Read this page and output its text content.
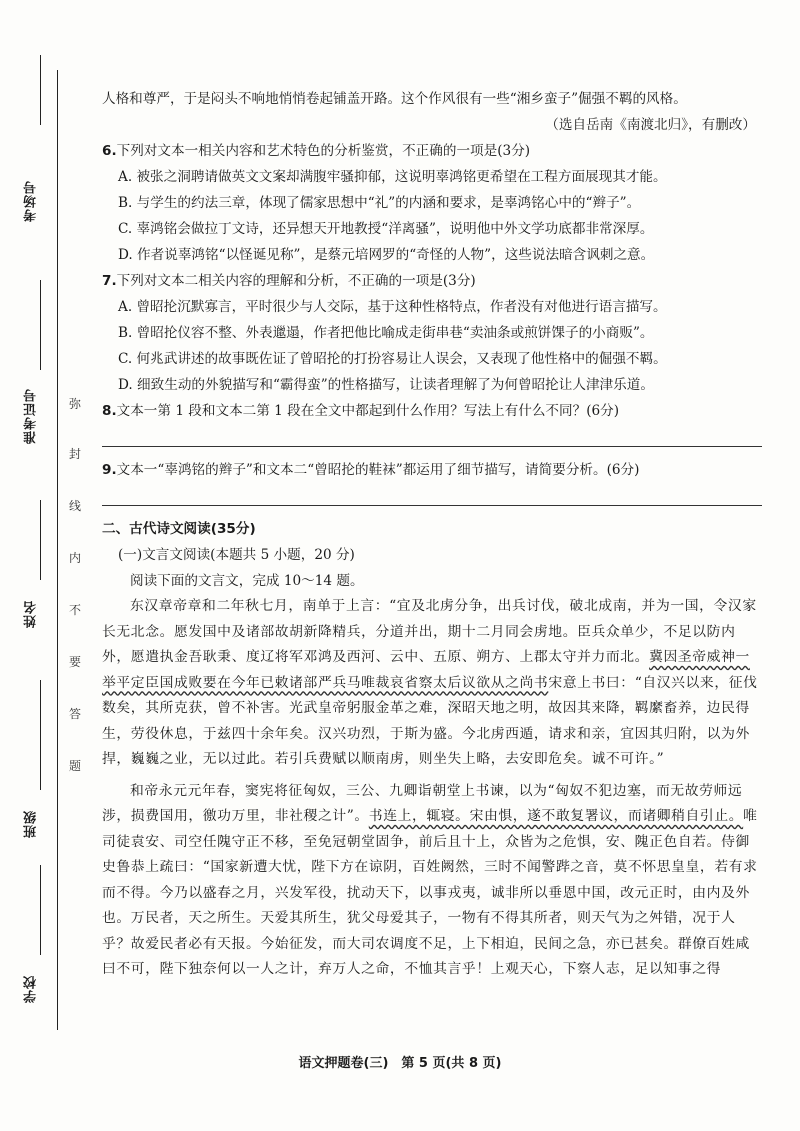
考场号
准考证号
姓名
班级
学校
弥
封
线
内
不
要
答
题

人格和尊严，于是闷头不响地悄悄卷起铺盖开路。这个作风很有一些“湘乡蛮子”倔强不羁的风格。

（选自岳南《南渡北归》，有删改）

6.下列对文本一相关内容和艺术特色的分析鉴赏，不正确的一项是(3分)

A. 被张之洞聘请做英文文案却满腹牢骚抑郁，这说明辜鸿铭更希望在工程方面展现其才能。

B. 与学生的约法三章，体现了儒家思想中“礼”的内涵和要求，是辜鸿铭心中的“辫子”。

C. 辜鸿铭会做拉丁文诗，还异想天开地教授“洋离骚”，说明他中外文学功底都非常深厚。

D. 作者说辜鸿铭“以怪诞见称”，是蔡元培网罗的“奇怪的人物”，这些说法暗含讽刺之意。

7.下列对文本二相关内容的理解和分析，不正确的一项是(3分)

A. 曾昭抡沉默寡言，平时很少与人交际，基于这种性格特点，作者没有对他进行语言描写。

B. 曾昭抡仪容不整、外表邋遢，作者把他比喻成走街串巷“卖油条或煎饼馃子的小商贩”。

C. 何兆武讲述的故事既佐证了曾昭抡的打扮容易让人误会，又表现了他性格中的倔强不羁。

D. 细致生动的外貌描写和“霸得蛮”的性格描写，让读者理解了为何曾昭抡让人津津乐道。

8.文本一第 1 段和文本二第 1 段在全文中都起到什么作用？写法上有什么不同？(6分)

9.文本一“辜鸿铭的辫子”和文本二“曾昭抡的鞋袜”都运用了细节描写，请简要分析。(6分)

二、古代诗文阅读(35分)

(一)文言文阅读(本题共 5 小题，20 分)

阅读下面的文言文，完成 10～14 题。

东汉章帝章和二年秋七月，南单于上言：“宜及北虏分争，出兵讨伐，破北成南，并为一国，令汉家长无北念。愿发国中及诸部故胡新降精兵，分道并出，期十二月同会虏地。臣兵众单少，不足以防内外，愿遣执金吾耿秉、度辽将军邓鸿及西河、云中、五原、朔方、上郡太守并力而北。冀因圣帝威神一举平定臣国成败要在今年已敕诸部严兵马唯裁哀省察太后议欲从之尚书宋意上书曰：“自汉兴以来，征伐数矣，其所克获，曾不补害。光武皇帝躬服金革之难，深昭天地之明，故因其来降，羁縻畜养，边民得生，劳役休息，于兹四十余年矣。汉兴功烈，于斯为盛。今北虏西遁，请求和亲，宜因其归附，以为外捍，巍巍之业，无以过此。若引兵费赋以顺南虏，则坐失上略，去安即危矣。诚不可许。”

和帝永元元年春，窦宪将征匈奴，三公、九卿诣朝堂上书谏，以为“匈奴不犯边塞，而无故劳师远涉，损费国用，徼功万里，非社稷之计”。书连上，辄寝。宋由惧，遂不敢复署议，而诸卿稍自引止。唯司徒袁安、司空任隗守正不移，至免冠朝堂固争，前后且十上，众皆为之危惧，安、隗正色自若。侍御史鲁恭上疏曰：“国家新遭大忧，陛下方在谅阴，百姓阙然，三时不闻警跸之音，莫不怀思皇皇，若有求而不得。今乃以盛春之月，兴发军役，扰动天下，以事戎夷，诚非所以垂恩中国，改元正时，由内及外也。万民者，天之所生。天爱其所生，犹父母爱其子，一物有不得其所者，则天气为之舛错，况于人乎？故爱民者必有天报。今始征发，而大司农调度不足，上下相迫，民间之急，亦已甚矣。群僚百姓咸曰不可，陛下独奈何以一人之计，弃万人之命，不恤其言乎！上观天心，下察人志，足以知事之得

语文押题卷(三)　第 5 页(共 8 页)
